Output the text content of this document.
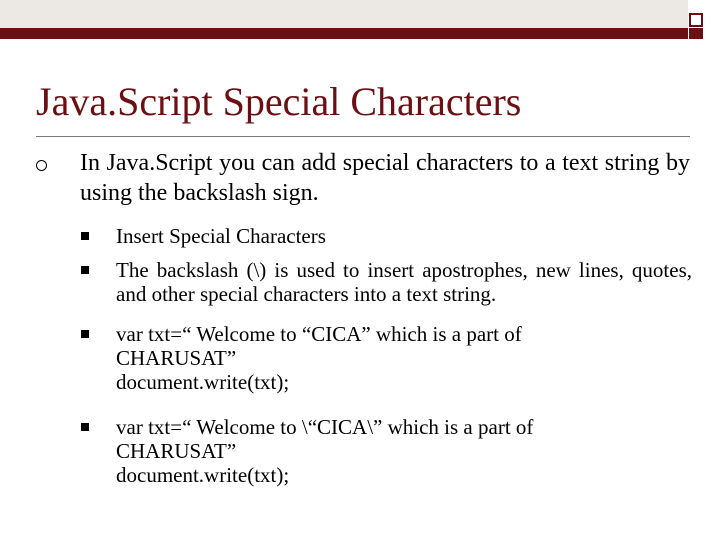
Java.Script Special Characters
In Java.Script you can add special characters to a text string by using the backslash sign.
Insert Special Characters
The backslash (\) is used to insert apostrophes, new lines, quotes, and other special characters into a text string.
var txt=“ Welcome to “CICA” which is a part of
CHARUSAT”
document.write(txt);
var txt=“ Welcome to \“CICA\” which is a part of
CHARUSAT”
document.write(txt);
